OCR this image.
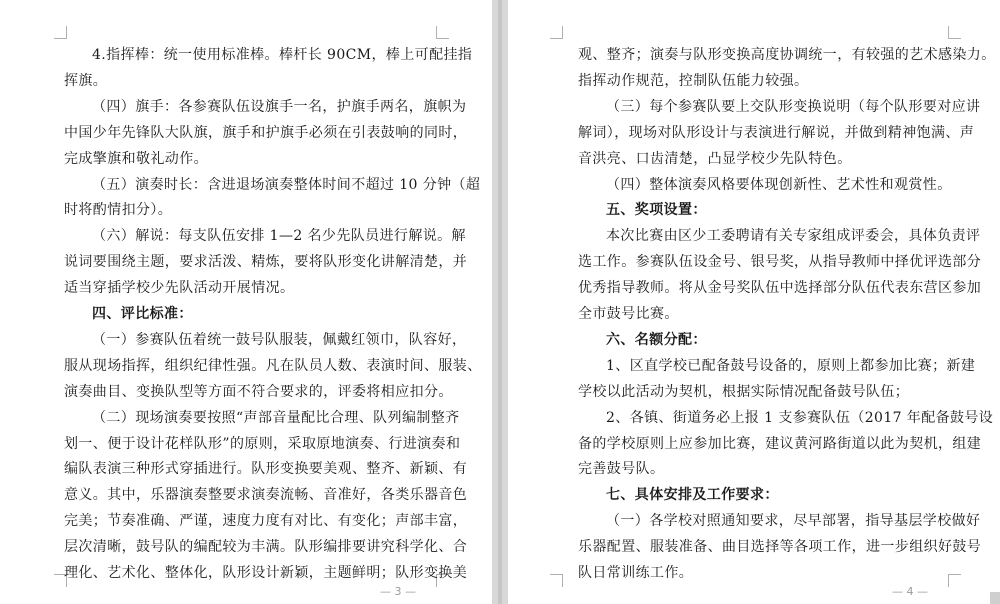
4.指挥棒：统一使用标准棒。棒杆长 90CM，棒上可配挂指
挥旗。
（四）旗手：各参赛队伍设旗手一名，护旗手两名，旗帜为
中国少年先锋队大队旗，旗手和护旗手必须在引表鼓响的同时，
完成擎旗和敬礼动作。
（五）演奏时长：含进退场演奏整体时间不超过 10 分钟（超
时将酌情扣分）。
（六）解说：每支队伍安排 1—2 名少先队员进行解说。解
说词要围绕主题，要求活泼、精炼，要将队形变化讲解清楚，并
适当穿插学校少先队活动开展情况。
四、评比标准：
（一）参赛队伍着统一鼓号队服装，佩戴红领巾，队容好，
服从现场指挥，组织纪律性强。凡在队员人数、表演时间、服装、
演奏曲目、变换队型等方面不符合要求的，评委将相应扣分。
（二）现场演奏要按照“声部音量配比合理、队列编制整齐
划一、便于设计花样队形”的原则，采取原地演奏、行进演奏和
编队表演三种形式穿插进行。队形变换要美观、整齐、新颖、有
意义。其中，乐器演奏整要求演奏流畅、音准好，各类乐器音色
完美；节奏准确、严谨，速度力度有对比、有变化；声部丰富，
层次清晰，鼓号队的编配较为丰满。队形编排要讲究科学化、合
理化、艺术化、整体化，队形设计新颖，主题鲜明；队形变换美
— 3 —
观、整齐；演奏与队形变换高度协调统一，有较强的艺术感染力。
指挥动作规范，控制队伍能力较强。
（三）每个参赛队要上交队形变换说明（每个队形要对应讲
解词），现场对队形设计与表演进行解说，并做到精神饱满、声
音洪亮、口齿清楚，凸显学校少先队特色。
（四）整体演奏风格要体现创新性、艺术性和观赏性。
五、奖项设置：
本次比赛由区少工委聘请有关专家组成评委会，具体负责评
选工作。参赛队伍设金号、银号奖，从指导教师中择优评选部分
优秀指导教师。将从金号奖队伍中选择部分队伍代表东营区参加
全市鼓号比赛。
六、名额分配：
1、区直学校已配备鼓号设备的，原则上都参加比赛；新建
学校以此活动为契机，根据实际情况配备鼓号队伍；
2、各镇、街道务必上报 1 支参赛队伍（2017 年配备鼓号设
备的学校原则上应参加比赛，建议黄河路街道以此为契机，组建
完善鼓号队。
七、具体安排及工作要求：
（一）各学校对照通知要求，尽早部署，指导基层学校做好
乐器配置、服装准备、曲目选择等各项工作，进一步组织好鼓号
队日常训练工作。
— 4 —
